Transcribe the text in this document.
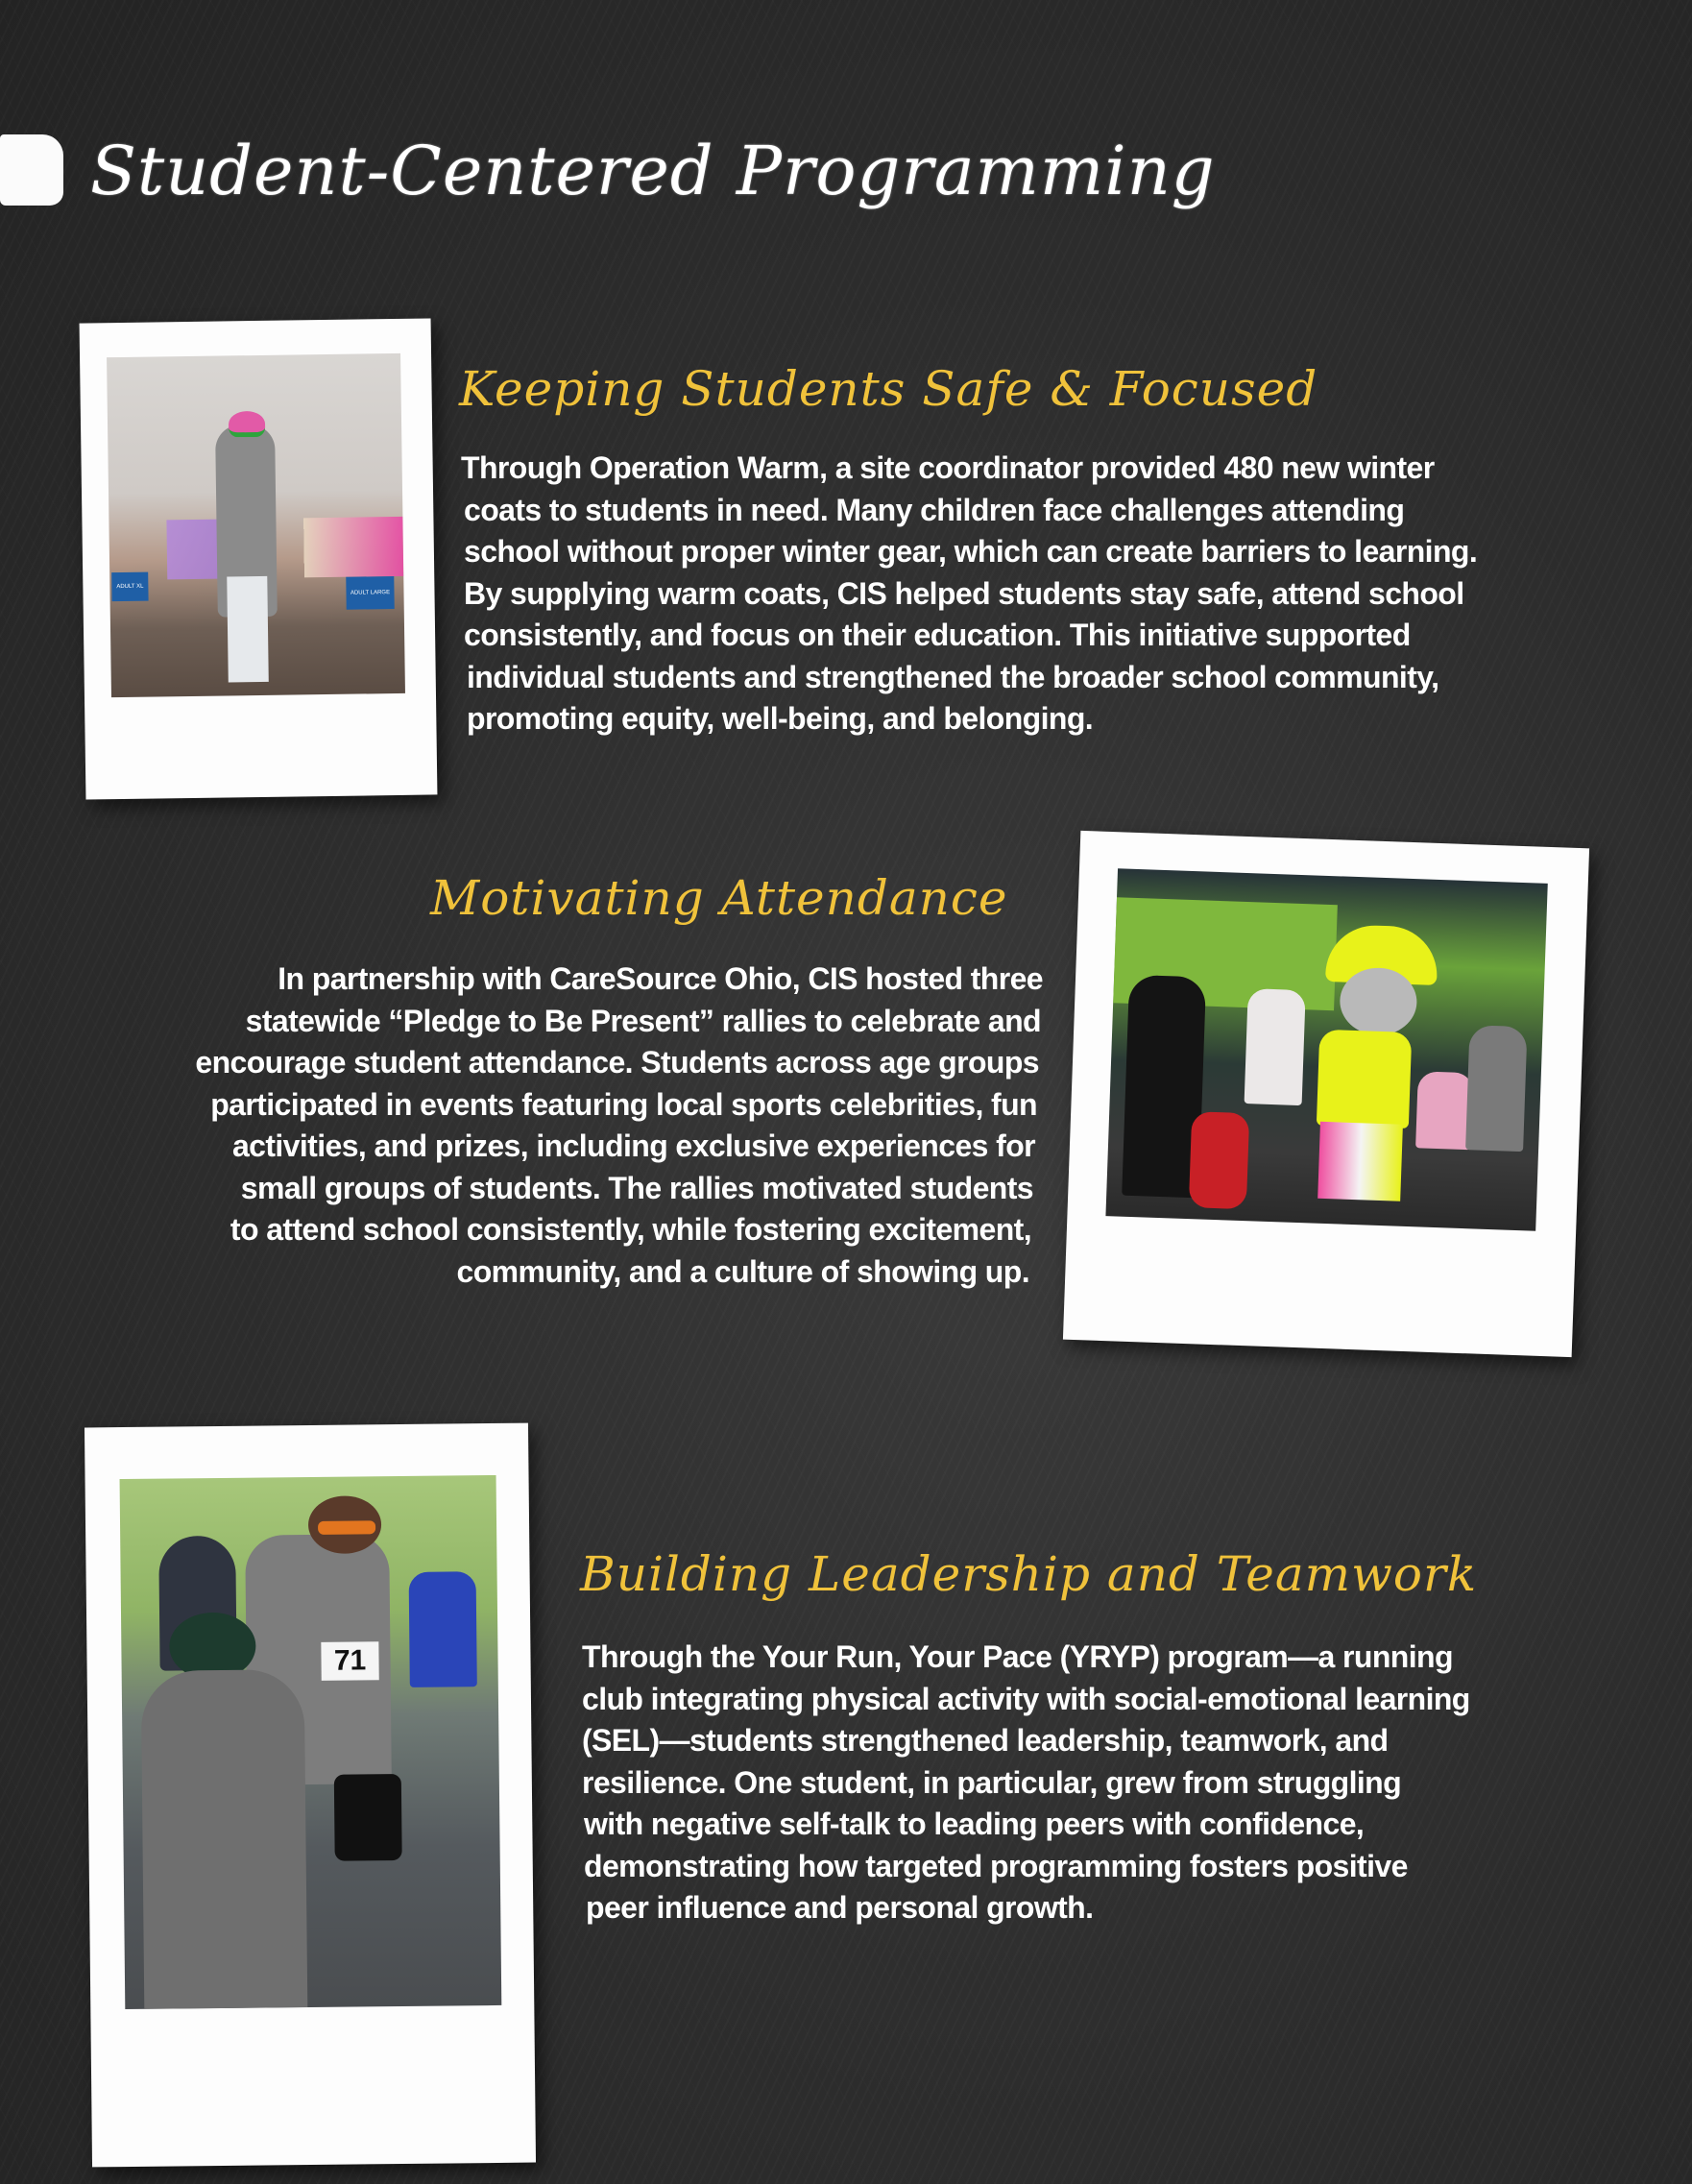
Student-Centered Programming
ADULT XL
ADULT LARGE
Keeping Students Safe & Focused

Through Operation Warm, a site coordinator provided 480 new winter
coats to students in need. Many children face challenges attending
school without proper winter gear, which can create barriers to learning.
By supplying warm coats, CIS helped students stay safe, attend school
consistently, and focus on their education. This initiative supported
individual students and strengthened the broader school community,
promoting equity, well-being, and belonging.

Motivating Attendance

In partnership with CareSource Ohio, CIS hosted three
statewide “Pledge to Be Present” rallies to celebrate and
encourage student attendance. Students across age groups
participated in events featuring local sports celebrities, fun
activities, and prizes, including exclusive experiences for
small groups of students. The rallies motivated students
to attend school consistently, while fostering excitement,
community, and a culture of showing up.

71
Building Leadership and Teamwork

Through the Your Run, Your Pace (YRYP) program—a running
club integrating physical activity with social-emotional learning
(SEL)—students strengthened leadership, teamwork, and
resilience. One student, in particular, grew from struggling
with negative self-talk to leading peers with confidence,
demonstrating how targeted programming fosters positive
peer influence and personal growth.
